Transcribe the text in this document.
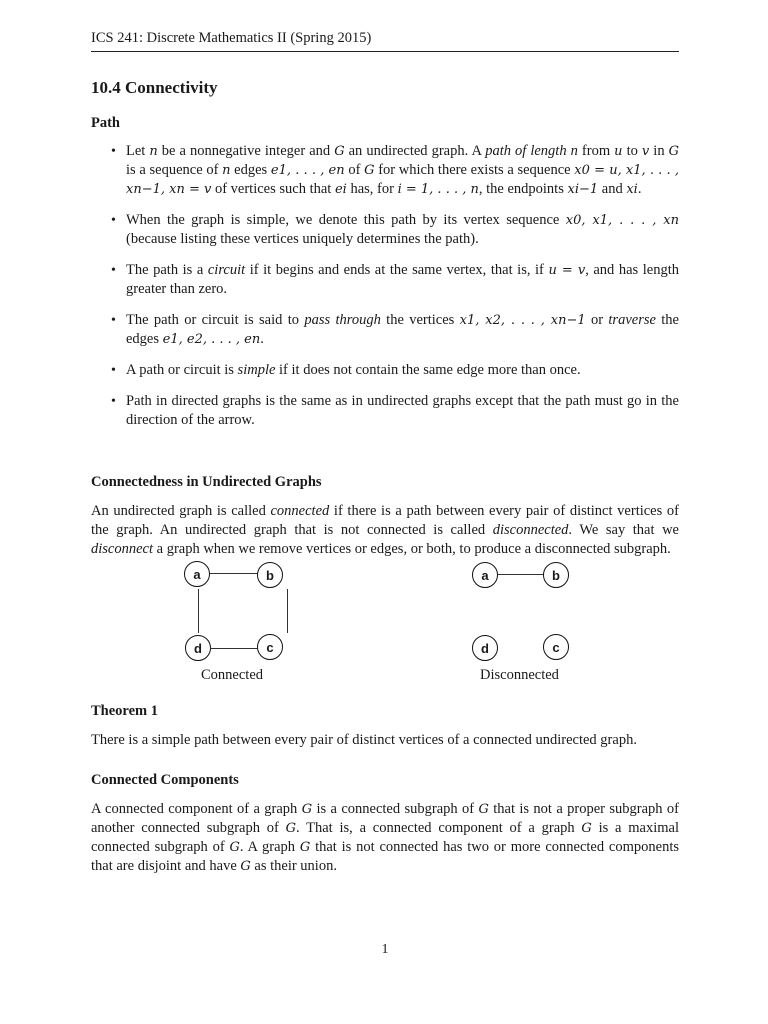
ICS 241: Discrete Mathematics II (Spring 2015)
10.4 Connectivity
Path
• Let n be a nonnegative integer and G an undirected graph. A path of length n from u to v in G is a sequence of n edges e1, . . . , en of G for which there exists a sequence x0 = u, x1, . . . , xn−1, xn = v of vertices such that ei has, for i = 1, . . . , n, the endpoints xi−1 and xi.
• When the graph is simple, we denote this path by its vertex sequence x0, x1, . . . , xn (because listing these vertices uniquely determines the path).
• The path is a circuit if it begins and ends at the same vertex, that is, if u = v, and has length greater than zero.
• The path or circuit is said to pass through the vertices x1, x2, . . . , xn−1 or traverse the edges e1, e2, . . . , en.
• A path or circuit is simple if it does not contain the same edge more than once.
• Path in directed graphs is the same as in undirected graphs except that the path must go in the direction of the arrow.
Connectedness in Undirected Graphs
An undirected graph is called connected if there is a path between every pair of distinct vertices of the graph. An undirected graph that is not connected is called disconnected. We say that we disconnect a graph when we remove vertices or edges, or both, to produce a disconnected subgraph.
a	b
d	c
Connected
a	b
d	c
Disconnected
Theorem 1
There is a simple path between every pair of distinct vertices of a connected undirected graph.
Connected Components
A connected component of a graph G is a connected subgraph of G that is not a proper subgraph of another connected subgraph of G. That is, a connected component of a graph G is a maximal connected subgraph of G. A graph G that is not connected has two or more connected components that are disjoint and have G as their union.
1
